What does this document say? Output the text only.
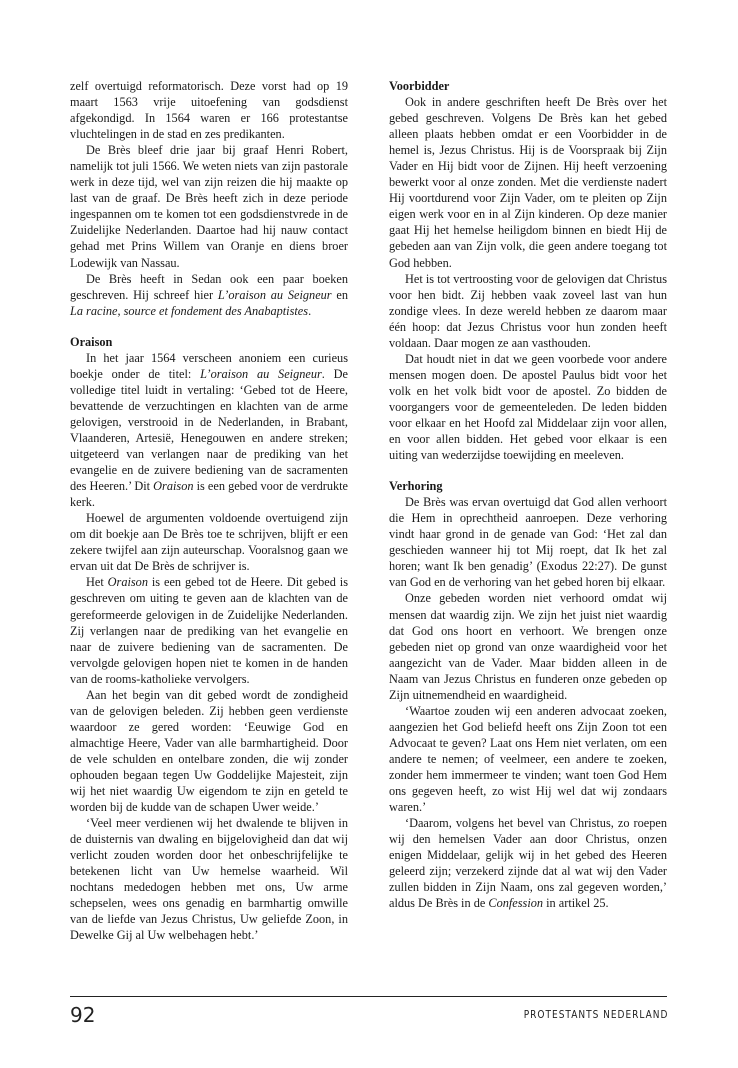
zelf overtuigd reformatorisch. Deze vorst had op 19 maart 1563 vrije uitoefening van godsdienst afgekondigd. In 1564 waren er 166 protestantse vluchtelingen in de stad en zes predikanten.

De Brès bleef drie jaar bij graaf Henri Robert, namelijk tot juli 1566. We weten niets van zijn pastorale werk in deze tijd, wel van zijn reizen die hij maakte op last van de graaf. De Brès heeft zich in deze periode ingespannen om te komen tot een godsdienstvrede in de Zuidelijke Nederlanden. Daartoe had hij nauw contact gehad met Prins Willem van Oranje en diens broer Lodewijk van Nassau.

De Brès heeft in Sedan ook een paar boeken geschreven. Hij schreef hier L’oraison au Seigneur en La racine, source et fondement des Anabaptistes.

Oraison

In het jaar 1564 verscheen anoniem een curieus boekje onder de titel: L’oraison au Seigneur. De volledige titel luidt in vertaling: ‘Gebed tot de Heere, bevattende de verzuchtingen en klachten van de arme gelovigen, verstrooid in de Nederlanden, in Brabant, Vlaanderen, Artesië, Henegouwen en andere streken; uitgeteerd van verlangen naar de prediking van het evangelie en de zuivere bediening van de sacramenten des Heeren.’ Dit Oraison is een gebed voor de verdrukte kerk.

Hoewel de argumenten voldoende overtuigend zijn om dit boekje aan De Brès toe te schrijven, blijft er een zekere twijfel aan zijn auteurschap. Vooralsnog gaan we ervan uit dat De Brès de schrijver is.

Het Oraison is een gebed tot de Heere. Dit gebed is geschreven om uiting te geven aan de klachten van de gereformeerde gelovigen in de Zuidelijke Nederlanden. Zij verlangen naar de prediking van het evangelie en naar de zuivere bediening van de sacramenten. De vervolgde gelovigen hopen niet te komen in de handen van de rooms-katholieke vervolgers.

Aan het begin van dit gebed wordt de zondigheid van de gelovigen beleden. Zij hebben geen verdienste waardoor ze gered worden: ‘Eeuwige God en almachtige Heere, Vader van alle barmhartigheid. Door de vele schulden en ontelbare zonden, die wij zonder ophouden begaan tegen Uw Goddelijke Majesteit, zijn wij het niet waardig Uw eigendom te zijn en geteld te worden bij de kudde van de schapen Uwer weide.’

‘Veel meer verdienen wij het dwalende te blijven in de duisternis van dwaling en bijgelovigheid dan dat wij verlicht zouden worden door het onbeschrijfelijke te betekenen licht van Uw hemelse waarheid. Wil nochtans mededogen hebben met ons, Uw arme schepselen, wees ons genadig en barmhartig omwille van de liefde van Jezus Christus, Uw geliefde Zoon, in Dewelke Gij al Uw welbehagen hebt.’

Voorbidder

Ook in andere geschriften heeft De Brès over het gebed geschreven. Volgens De Brès kan het gebed alleen plaats hebben omdat er een Voorbidder in de hemel is, Jezus Christus. Hij is de Voorspraak bij Zijn Vader en Hij bidt voor de Zijnen. Hij heeft verzoening bewerkt voor al onze zonden. Met die verdienste nadert Hij voortdurend voor Zijn Vader, om te pleiten op Zijn eigen werk voor en in al Zijn kinderen. Op deze manier gaat Hij het hemelse heiligdom binnen en biedt Hij de gebeden aan van Zijn volk, die geen andere toegang tot God hebben.

Het is tot vertroosting voor de gelovigen dat Christus voor hen bidt. Zij hebben vaak zoveel last van hun zondige vlees. In deze wereld hebben ze daarom maar één hoop: dat Jezus Christus voor hun zonden heeft voldaan. Daar mogen ze aan vasthouden.

Dat houdt niet in dat we geen voorbede voor andere mensen mogen doen. De apostel Paulus bidt voor het volk en het volk bidt voor de apostel. Zo bidden de voorgangers voor de gemeenteleden. De leden bidden voor elkaar en het Hoofd zal Middelaar zijn voor allen, en voor allen bidden. Het gebed voor elkaar is een uiting van wederzijdse toewijding en meeleven.

Verhoring

De Brès was ervan overtuigd dat God allen verhoort die Hem in oprechtheid aanroepen. Deze verhoring vindt haar grond in de genade van God: ‘Het zal dan geschieden wanneer hij tot Mij roept, dat Ik het zal horen; want Ik ben genadig’ (Exodus 22:27). De gunst van God en de verhoring van het gebed horen bij elkaar.

Onze gebeden worden niet verhoord omdat wij mensen dat waardig zijn. We zijn het juist niet waardig dat God ons hoort en verhoort. We brengen onze gebeden niet op grond van onze waardigheid voor het aangezicht van de Vader. Maar bidden alleen in de Naam van Jezus Christus en funderen onze gebeden op Zijn uitnemendheid en waardigheid.

‘Waartoe zouden wij een anderen advocaat zoeken, aangezien het God beliefd heeft ons Zijn Zoon tot een Advocaat te geven? Laat ons Hem niet verlaten, om een andere te nemen; of veelmeer, een andere te zoeken, zonder hem immermeer te vinden; want toen God Hem ons gegeven heeft, zo wist Hij wel dat wij zondaars waren.’

‘Daarom, volgens het bevel van Christus, zo roepen wij den hemelsen Vader aan door Christus, onzen enigen Middelaar, gelijk wij in het gebed des Heeren geleerd zijn; verzekerd zijnde dat al wat wij den Vader zullen bidden in Zijn Naam, ons zal gegeven worden,’ aldus De Brès in de Confession in artikel 25.

92	PROTESTANTS NEDERLAND
